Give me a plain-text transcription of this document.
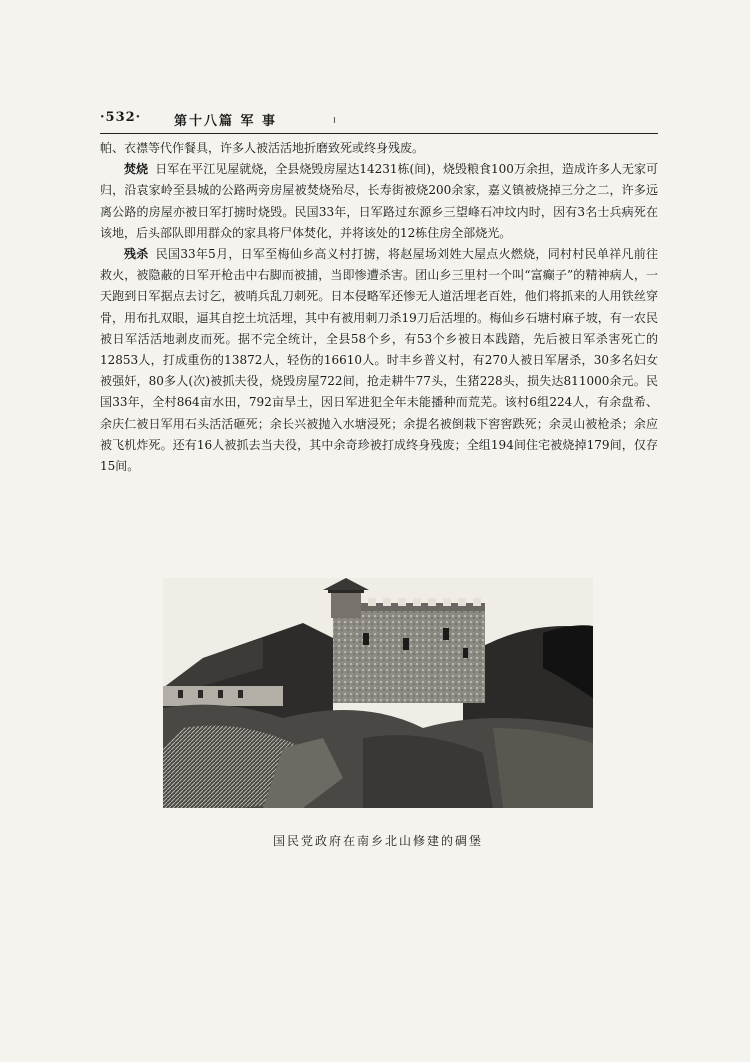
·532·	第十八篇 军 事

帕、衣襟等代作餐具，许多人被活活地折磨致死或终身残废。

焚烧 日军在平江见屋就烧，全县烧毁房屋达14231栋(间)，烧毁粮食100万余担，造成许多人无家可归，沿袁家岭至县城的公路两旁房屋被焚烧殆尽，长寿街被烧200余家，嘉义镇被烧掉三分之二，许多远离公路的房屋亦被日军打掳时烧毁。民国33年，日军路过东源乡三望峰石冲坟内时，因有3名士兵病死在该地，后头部队即用群众的家具将尸体焚化，并将该处的12栋住房全部烧光。

残杀 民国33年5月，日军至梅仙乡高义村打掳，将赵屋场刘姓大屋点火燃烧，同村村民单祥凡前往救火，被隐蔽的日军开枪击中右脚而被捕，当即惨遭杀害。团山乡三里村一个叫“富癫子”的精神病人，一天跑到日军据点去讨乞，被哨兵乱刀刺死。日本侵略军还惨无人道活埋老百姓，他们将抓来的人用铁丝穿骨，用布扎双眼，逼其自挖土坑活埋，其中有被用刺刀杀19刀后活埋的。梅仙乡石塘村麻子坡，有一农民被日军活活地剥皮而死。据不完全统计，全县58个乡，有53个乡被日本践踏，先后被日军杀害死亡的12853人，打成重伤的13872人，轻伤的16610人。时丰乡普义村，有270人被日军屠杀，30多名妇女被强奸，80多人(次)被抓夫役，烧毁房屋722间，抢走耕牛77头，生猪228头，损失达811000余元。民国33年，全村864亩水田，792亩旱土，因日军进犯全年未能播种而荒芜。该村6组224人，有余盘希、余庆仁被日军用石头活活砸死；余长兴被抛入水塘浸死；余提名被倒栽下窖窖跌死；余灵山被枪杀；余应被飞机炸死。还有16人被抓去当夫役，其中余奇珍被打成终身残废；全组194间住宅被烧掉179间，仅存15间。

国民党政府在南乡北山修建的碉堡
